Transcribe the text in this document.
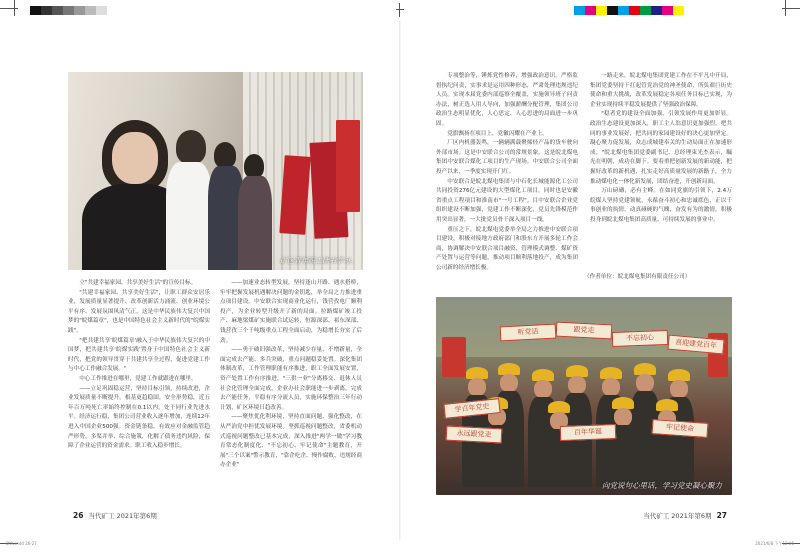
矿区青年职工读书学习。

立"共建幸福家园、共享美好生活"的宣传目标。

"共建幸福家园、共享美好生活"，让职工群众安居乐业，发展质量显著提升、改革创新活力涌流、创业环境公平有序、发展氛围风清气正。这是中华民族伟大复兴中国梦的"皖煤篇章"，也是中国特色社会主义新时代的"皖煤实践"。

"把共建共享'皖煤篇章'融入于中华民族伟大复兴的中国梦，把共建共享'皖煤实践'置身于中国特色社会主义新时代，把党的领导贯穿于共建共享全过程，促进党建工作与中心工作融合发展。"

中心工作推进在哪里，党建工作就跟进在哪里。

——立足巩固稳运营，坚持目标引领，持续改进，企业发展质量不断提升，根基更趋稳固。安全形势稳，近五年百万吨死亡率始终控制在0.1以内，处于同行业先进水平。经济运行稳，集团公司营业收入逐年增加，连续12年进入中国企业500强。资金链条稳，有效应对金融监管趋严形势，多渠并举、综合施策，化解了债务违约风险，保障了企业运营的资金需求。职工收入稳步增长。

——加速业态转型发展，坚持逢山开路、遇水搭桥，牢牢把握发展机遇解决问题的金钥匙，举全局之力推进重点项目建设。中安联合实现商业化运行，钱营孜电厂顺利投产，为企业转型升级开了新的局面。拉路煤矿竣工投产、麻地梁煤矿实施联合试运转，恒源深部、祁东深部、钱营孜三个千吨级重点工程全面启动，为稳增长夯实了后劲。

——勇于破旧强改革，坚持减少存量、不增新量，全面完成去产能、多兵突破，重点问题稳妥处置。深化集团体制改革，工作管理职能有序推进，职工全面发展安置，资产处置工作有序推进，"三供一业"分离移交、退休人员社会化管理全面完成，企业办社会职能进一步剥离。完成去产能任务，平稳有序分流人员，实施环保整治三年行动计划，矿区环境日趋改善。

——聚焦优化利环境，坚持直面问题，强化整改，在从严治党中担优发展环境。坚抓巡视问题整改，省委机动式巡视问题整改已基本完成，深入推进"两学一做"学习教育常态化制度化、"不忘初心、牢记使命"主题教育，开展"三个以案"警示教育，"靠企吃企、慢作腐败、违规经商办企业"

专项整治等，锤炼党性修养，增强政治意识。严格监督执纪问责，实事求是运用四种形态，严肃处理违规违纪人员。实现本届党委内部巡察全覆盖，实施领导班子问责办法，树正选人用人导向，加强薪酬分配管理，集团公司政治生态明显优化，人心思定、人心思进的局面进一步巩固。

党旗飘扬在项目上，党徽闪耀在产业上。

厂区内机器轰鸣，一辆辆满载聚烯烃产品的货车驶向外部市场。这是中安联合公司的常规景象。这是皖北煤电集团中安联合煤化工项目的生产现场。中安联合公司全面投产以来，一季度实现开门红。

中安联合是皖北煤电集团与中石化长城能源化工公司共同投资276亿元建设的大型煤化工项目，同时也是安徽省重点工程项目和淮南市"一号工程"。目中安联合企业党组织建设不断加强，党建工作不断深化，党员先锋模范作用突出显著，一大批党员骨干深入项目一线。

重压之下，皖北煤电党委举全局之力推进中安联合项目建设，积极对接地方政府部门和股东方开展多轮工作会商，协调解决中安联合项目融资、管理模式调整、煤矿资产处置与运营等问题，推动项目顺利落地投产，成为集团公司新的经济增长极。

一路走来，皖北煤电集团党建工作在不平凡中开局，集团党委坚持干扛起管党治党的神圣使命，所负艰巨历史使命和重大挑战，改革发展稳定各项任务目标已实现，为企业实现持续平稳发展提供了坚强政治保障。

"稳者党的建设全面加强，引领发展作用更加彰显。政治生态建设更加深入，职工主人翁意识更加强烈，把共同的事业发展好，把共同的家园建设好的决心更加坚定。凝心聚力促发展，众志成城建奉关的生动局面正在加速形成。"皖北煤电集团党委副书记、总经理束光杰表示，瞩光在明朝，成功在脚下。要着重把创新发展的新动能，把握好改革的新机遇，扎实走好高质量发展的新路子，全力推动煤电化一体化新发展，团结奋进，开创新局面。

万山磅礴，必有主峰。在如同党旗的引领下，2.4万皖煤人坚持党建领航，永葆奋斗初心和忠诚底色，正以千事创业的执情，动真碰硬的气魄，奋发有为的激情，积极投身到皖北煤电集团高质量、可持续发展的事业中。

（作者单位：皖北煤电集团有限责任公司）
学百年党史
听党话	跟党走
不忘初心
喜迎建党百年
牢记使命
百年华诞
永远跟党走
向党说句心里话，学习党史凝心聚力
26 当代矿工 2021年第6期	当代矿工 2021年第6期 27
DYK.indd 26-27	2021/6/8 下午12:06
